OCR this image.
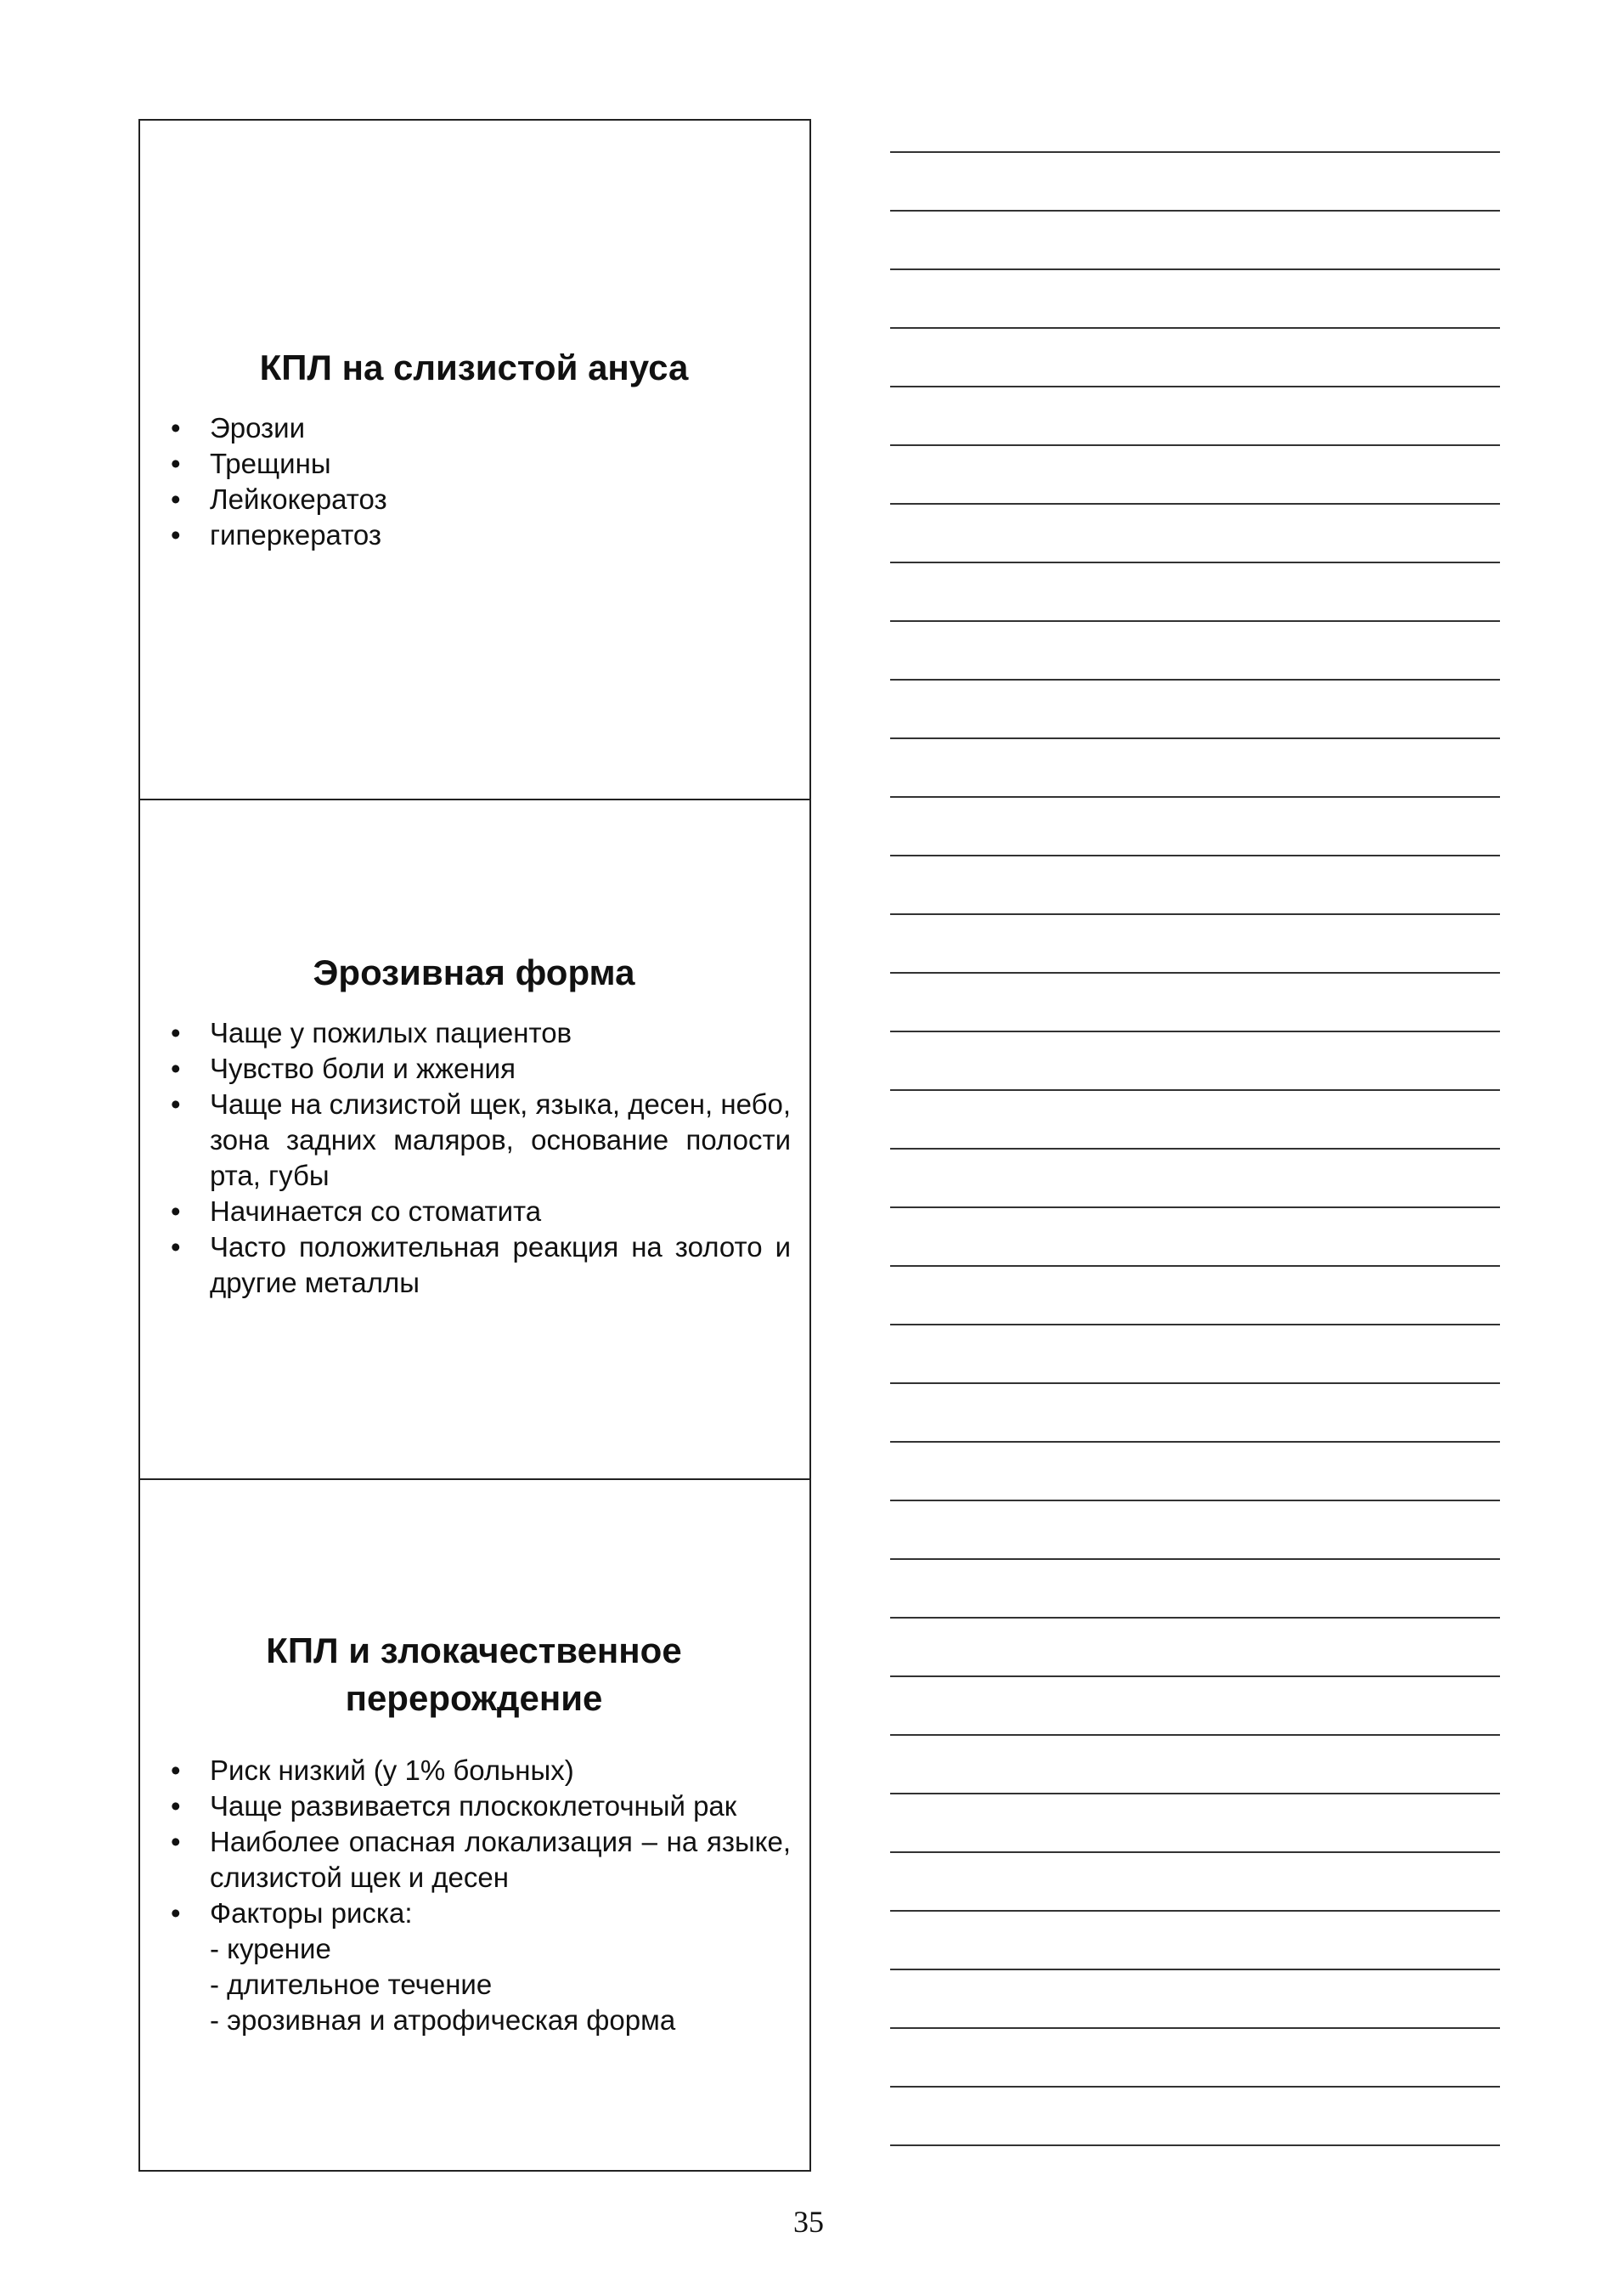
КПЛ на слизистой ануса
• Эрозии
• Трещины
• Лейкокератоз
• гиперкератоз
Эрозивная форма
• Чаще у пожилых пациентов
• Чувство боли и жжения
• Чаще на слизистой щек, языка, десен, небо, зона задних маляров, основание полости рта, губы
• Начинается со стоматита
• Часто положительная реакция на золото и другие металлы
КПЛ и злокачественное
перерождение
• Риск низкий (у 1% больных)
• Чаще развивается плоскоклеточный рак
• Наиболее опасная локализация – на языке, слизистой щек и десен
• Факторы риска:
- курение
- длительное течение
- эрозивная и атрофическая форма
35
